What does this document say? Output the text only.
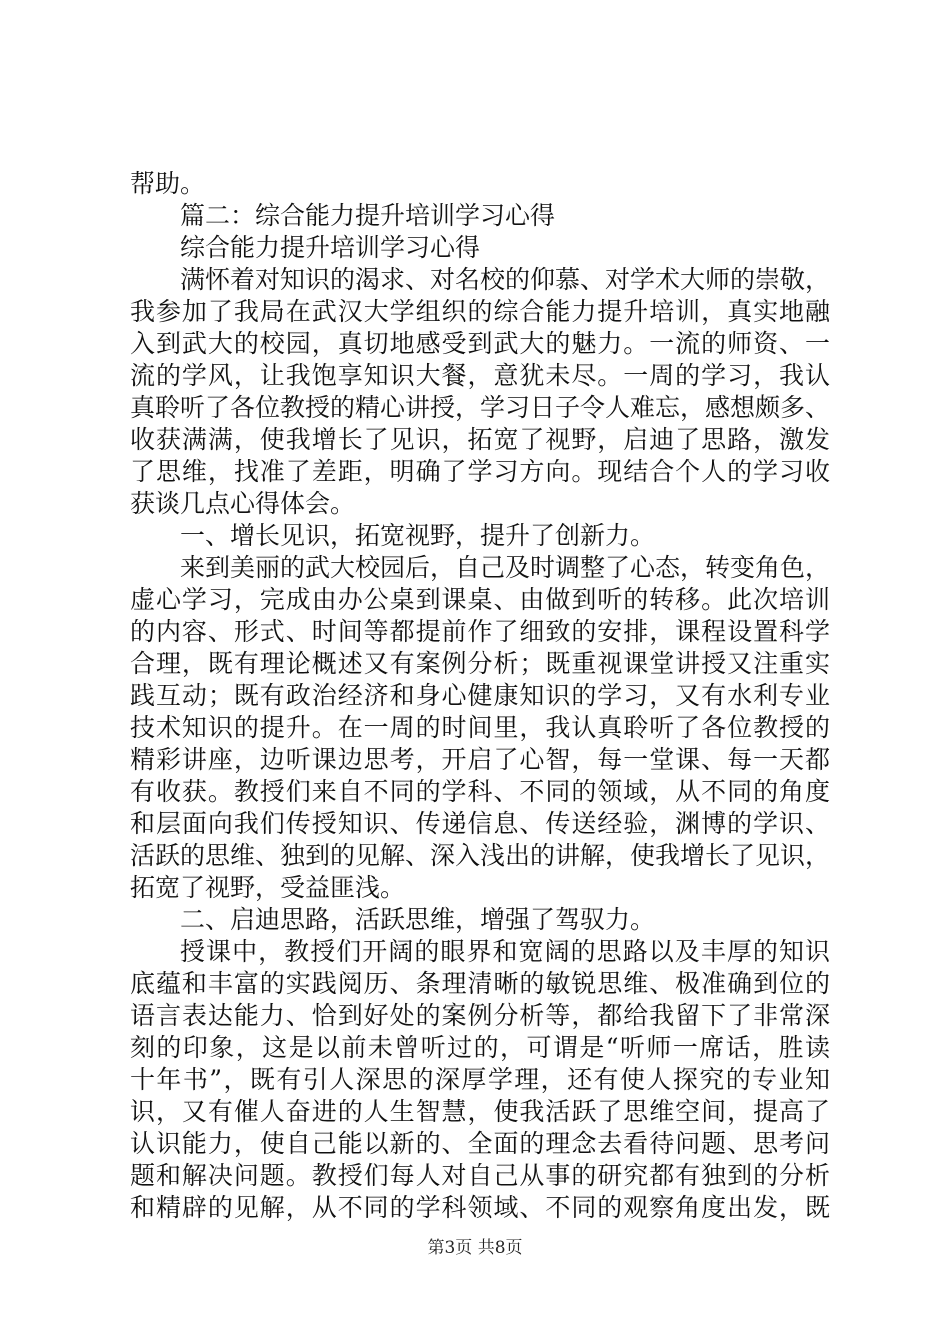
帮助。

篇二：综合能力提升培训学习心得

综合能力提升培训学习心得

满怀着对知识的渴求、对名校的仰慕、对学术大师的崇敬，

我参加了我局在武汉大学组织的综合能力提升培训，真实地融

入到武大的校园，真切地感受到武大的魅力。一流的师资、一

流的学风，让我饱享知识大餐，意犹未尽。一周的学习，我认

真聆听了各位教授的精心讲授，学习日子令人难忘，感想颇多、

收获满满，使我增长了见识，拓宽了视野，启迪了思路，激发

了思维，找准了差距，明确了学习方向。现结合个人的学习收

获谈几点心得体会。

一、增长见识，拓宽视野，提升了创新力。

来到美丽的武大校园后，自己及时调整了心态，转变角色，

虚心学习，完成由办公桌到课桌、由做到听的转移。此次培训

的内容、形式、时间等都提前作了细致的安排，课程设置科学

合理，既有理论概述又有案例分析；既重视课堂讲授又注重实

践互动；既有政治经济和身心健康知识的学习，又有水利专业

技术知识的提升。在一周的时间里，我认真聆听了各位教授的

精彩讲座，边听课边思考，开启了心智，每一堂课、每一天都

有收获。教授们来自不同的学科、不同的领域，从不同的角度

和层面向我们传授知识、传递信息、传送经验，渊博的学识、

活跃的思维、独到的见解、深入浅出的讲解，使我增长了见识，

拓宽了视野，受益匪浅。

二、启迪思路，活跃思维，增强了驾驭力。

授课中，教授们开阔的眼界和宽阔的思路以及丰厚的知识

底蕴和丰富的实践阅历、条理清晰的敏锐思维、极准确到位的

语言表达能力、恰到好处的案例分析等，都给我留下了非常深

刻的印象，这是以前未曾听过的，可谓是“听师一席话，胜读

十年书”，既有引人深思的深厚学理，还有使人探究的专业知

识，又有催人奋进的人生智慧，使我活跃了思维空间，提高了

认识能力，使自己能以新的、全面的理念去看待问题、思考问

第3页 共8页

题和解决问题。教授们每人对自己从事的研究都有独到的分析

和精辟的见解，从不同的学科领域、不同的观察角度出发，既
